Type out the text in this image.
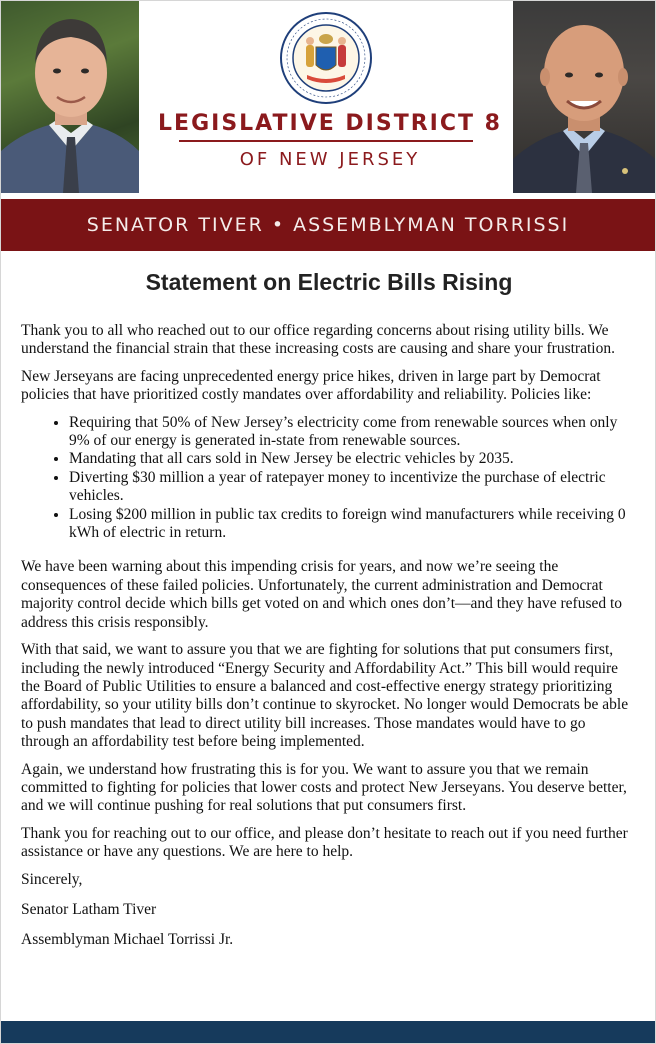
LEGISLATIVE DISTRICT 8
OF NEW JERSEY
SENATOR TIVER • ASSEMBLYMAN TORRISSI
Statement on Electric Bills Rising

Thank you to all who reached out to our office regarding concerns about rising utility bills. We understand the financial strain that these increasing costs are causing and share your frustration.

New Jerseyans are facing unprecedented energy price hikes, driven in large part by Democrat policies that have prioritized costly mandates over affordability and reliability. Policies like:

• Requiring that 50% of New Jersey’s electricity come from renewable sources when only 9% of our energy is generated in-state from renewable sources.
• Mandating that all cars sold in New Jersey be electric vehicles by 2035.
• Diverting $30 million a year of ratepayer money to incentivize the purchase of electric vehicles.
• Losing $200 million in public tax credits to foreign wind manufacturers while receiving 0 kWh of electric in return.

We have been warning about this impending crisis for years, and now we’re seeing the consequences of these failed policies. Unfortunately, the current administration and Democrat majority control decide which bills get voted on and which ones don’t—and they have refused to address this crisis responsibly.

With that said, we want to assure you that we are fighting for solutions that put consumers first, including the newly introduced “Energy Security and Affordability Act.” This bill would require the Board of Public Utilities to ensure a balanced and cost-effective energy strategy prioritizing affordability, so your utility bills don’t continue to skyrocket. No longer would Democrats be able to push mandates that lead to direct utility bill increases. Those mandates would have to go through an affordability test before being implemented.

Again, we understand how frustrating this is for you. We want to assure you that we remain committed to fighting for policies that lower costs and protect New Jerseyans. You deserve better, and we will continue pushing for real solutions that put consumers first.

Thank you for reaching out to our office, and please don’t hesitate to reach out if you need further assistance or have any questions. We are here to help.

Sincerely,

Senator Latham Tiver

Assemblyman Michael Torrissi Jr.
